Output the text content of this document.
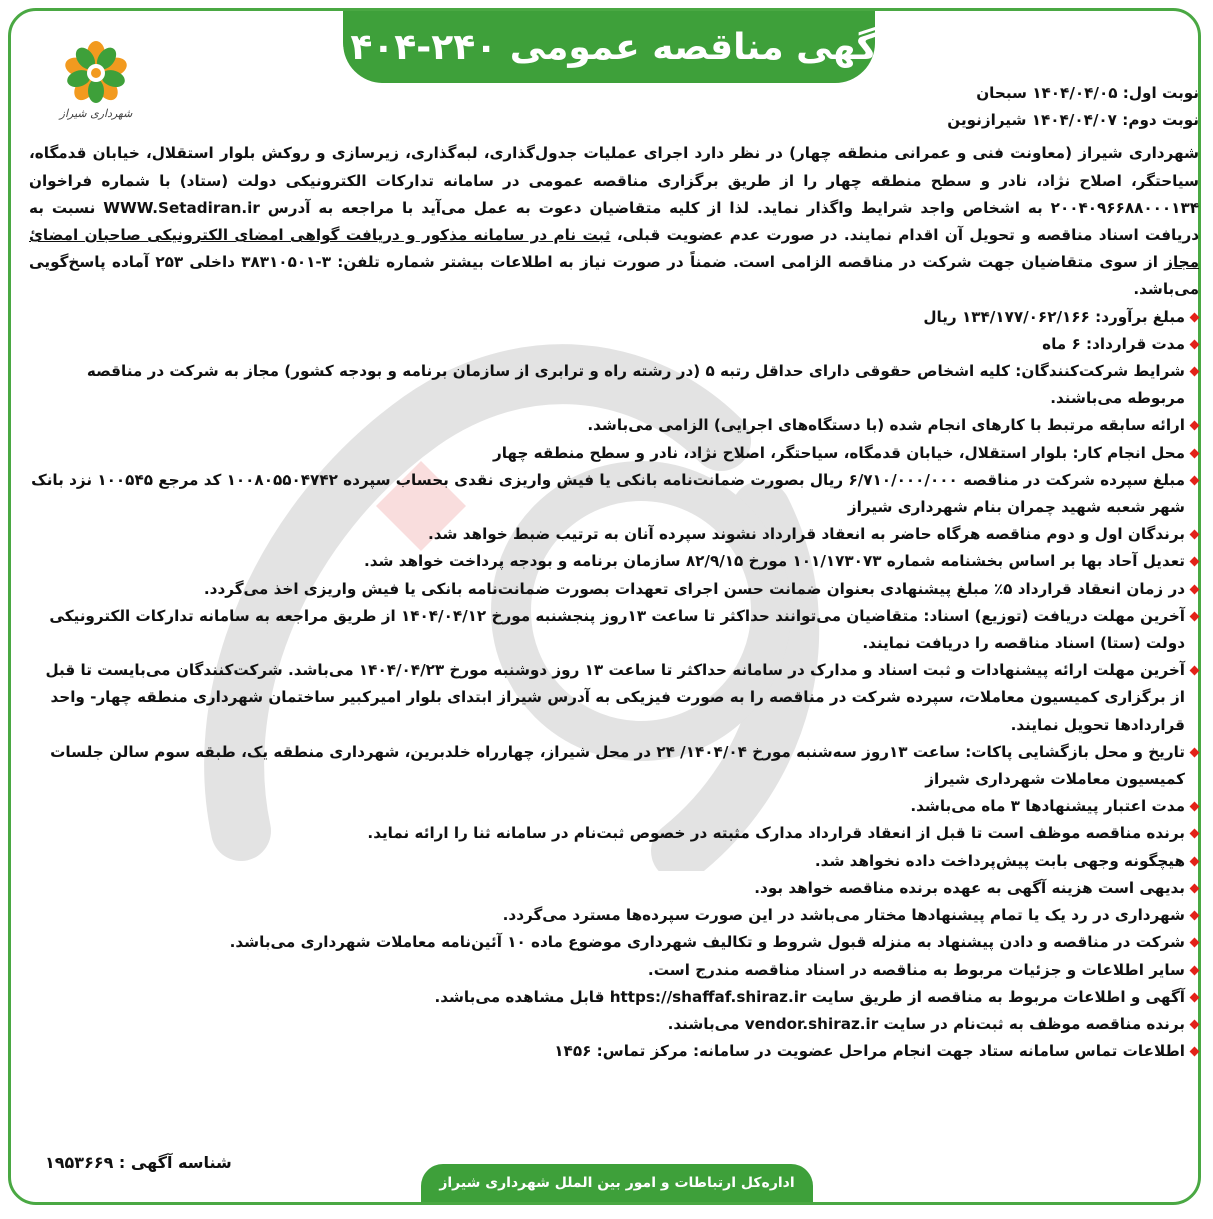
آگهی مناقصه عمومی ۲۴۰-۱۴۰۴
شهرداری شیراز
شناسه آگهی : ۱۹۵۳۶۶۹
اداره‌کل ارتباطات و امور بین الملل شهرداری شیراز
نوبت اول: ۱۴۰۴/۰۴/۰۵ سبحان
نوبت دوم: ۱۴۰۴/۰۴/۰۷ شیرازنوین
شهرداری شیراز (معاونت فنی و عمرانی منطقه چهار) در نظر دارد اجرای عملیات جدول‌گذاری، لبه‌گذاری، زیرسازی و روکش بلوار استقلال، خیابان قدمگاه، سیاحتگر، اصلاح نژاد، نادر و سطح منطقه چهار را از طریق برگزاری مناقصه عمومی در سامانه تدارکات الکترونیکی دولت (ستاد) با شماره فراخوان ۲۰۰۴۰۹۶۶۸۸۰۰۰۱۳۴ به اشخاص واجد شرایط واگذار نماید. لذا از کلیه متقاضیان دعوت به عمل می‌آید با مراجعه به آدرس WWW.Setadiran.ir نسبت به دریافت اسناد مناقصه و تحویل آن اقدام نمایند. در صورت عدم عضویت قبلی، ثبت نام در سامانه مذکور و دریافت گواهی امضای الکترونیکی صاحبان امضائ مجاز از سوی متقاضیان جهت شرکت در مناقصه الزامی است. ضمناً در صورت نیاز به اطلاعات بیشتر شماره تلفن: ۳-۳۸۳۱۰۵۰۱ داخلی ۲۵۳ آماده پاسخ‌گویی می‌باشد.
مبلغ برآورد: ۱۳۴/۱۷۷/۰۶۲/۱۶۶ ریال
مدت قرارداد: ۶ ماه
شرایط شرکت‌کنندگان: کلیه اشخاص حقوقی دارای حداقل رتبه ۵ (در رشته راه و ترابری از سازمان برنامه و بودجه کشور) مجاز به شرکت در مناقصه مربوطه می‌باشند.
ارائه سابقه مرتبط با کارهای انجام شده (با دستگاه‌های اجرایی) الزامی می‌باشد.
محل انجام کار: بلوار استقلال، خیابان قدمگاه، سیاحتگر، اصلاح نژاد، نادر و سطح منطقه چهار
مبلغ سپرده شرکت در مناقصه ۶/۷۱۰/۰۰۰/۰۰۰ ریال بصورت ضمانت‌نامه بانکی یا فیش واریزی نقدی بحساب سپرده ۱۰۰۸۰۵۵۰۴۷۴۲ کد مرجع ۱۰۰۵۴۵ نزد بانک شهر شعبه شهید چمران بنام شهرداری شیراز
برندگان اول و دوم مناقصه هرگاه حاضر به انعقاد قرارداد نشوند سپرده آنان به ترتیب ضبط خواهد شد.
تعدیل آحاد بها بر اساس بخشنامه شماره ۱۰۱/۱۷۳۰۷۳ مورخ ۸۲/۹/۱۵ سازمان برنامه و بودجه پرداخت خواهد شد.
در زمان انعقاد قرارداد ۵٪ مبلغ پیشنهادی بعنوان ضمانت حسن اجرای تعهدات بصورت ضمانت‌نامه بانکی یا فیش واریزی اخذ می‌گردد.
آخرین مهلت دریافت (توزیع) اسناد: متقاضیان می‌توانند حداکثر تا ساعت ۱۳روز پنجشنبه مورخ ۱۴۰۴/۰۴/۱۲ از طریق مراجعه به سامانه تدارکات الکترونیکی دولت (ستا) اسناد مناقصه را دریافت نمایند.
آخرین مهلت ارائه پیشنهادات و ثبت اسناد و مدارک در سامانه حداکثر تا ساعت ۱۳ روز دوشنبه مورخ ۱۴۰۴/۰۴/۲۳ می‌باشد. شرکت‌کنندگان می‌بایست تا قبل از برگزاری کمیسیون معاملات، سپرده شرکت در مناقصه را به صورت فیزیکی به آدرس شیراز ابتدای بلوار امیرکبیر ساختمان شهرداری منطقه چهار- واحد قراردادها تحویل نمایند.
تاریخ و محل بازگشایی پاکات: ساعت ۱۳روز سه‌شنبه مورخ ۱۴۰۴/۰۴/ ۲۴ در محل شیراز، چهارراه خلدبرین، شهرداری منطقه یک، طبقه سوم سالن جلسات کمیسیون معاملات شهرداری شیراز
مدت اعتبار پیشنهادها ۳ ماه می‌باشد.
برنده مناقصه موظف است تا قبل از انعقاد قرارداد مدارک مثبته در خصوص ثبت‌نام در سامانه ثنا را ارائه نماید.
هیچگونه وجهی بابت پیش‌پرداخت داده نخواهد شد.
بدیهی است هزینه آگهی به عهده برنده مناقصه خواهد بود.
شهرداری در رد یک یا تمام پیشنهادها مختار می‌باشد در این صورت سپرده‌ها مسترد می‌گردد.
شرکت در مناقصه و دادن پیشنهاد به منزله قبول شروط و تکالیف شهرداری موضوع ماده ۱۰ آئین‌نامه معاملات شهرداری می‌باشد.
سایر اطلاعات و جزئیات مربوط به مناقصه در اسناد مناقصه مندرج است.
آگهی و اطلاعات مربوط به مناقصه از طریق سایت https://shaffaf.shiraz.ir قابل مشاهده می‌باشد.
برنده مناقصه موظف به ثبت‌نام در سایت vendor.shiraz.ir می‌باشند.
اطلاعات تماس سامانه ستاد جهت انجام مراحل عضویت در سامانه: مرکز تماس: ۱۴۵۶
